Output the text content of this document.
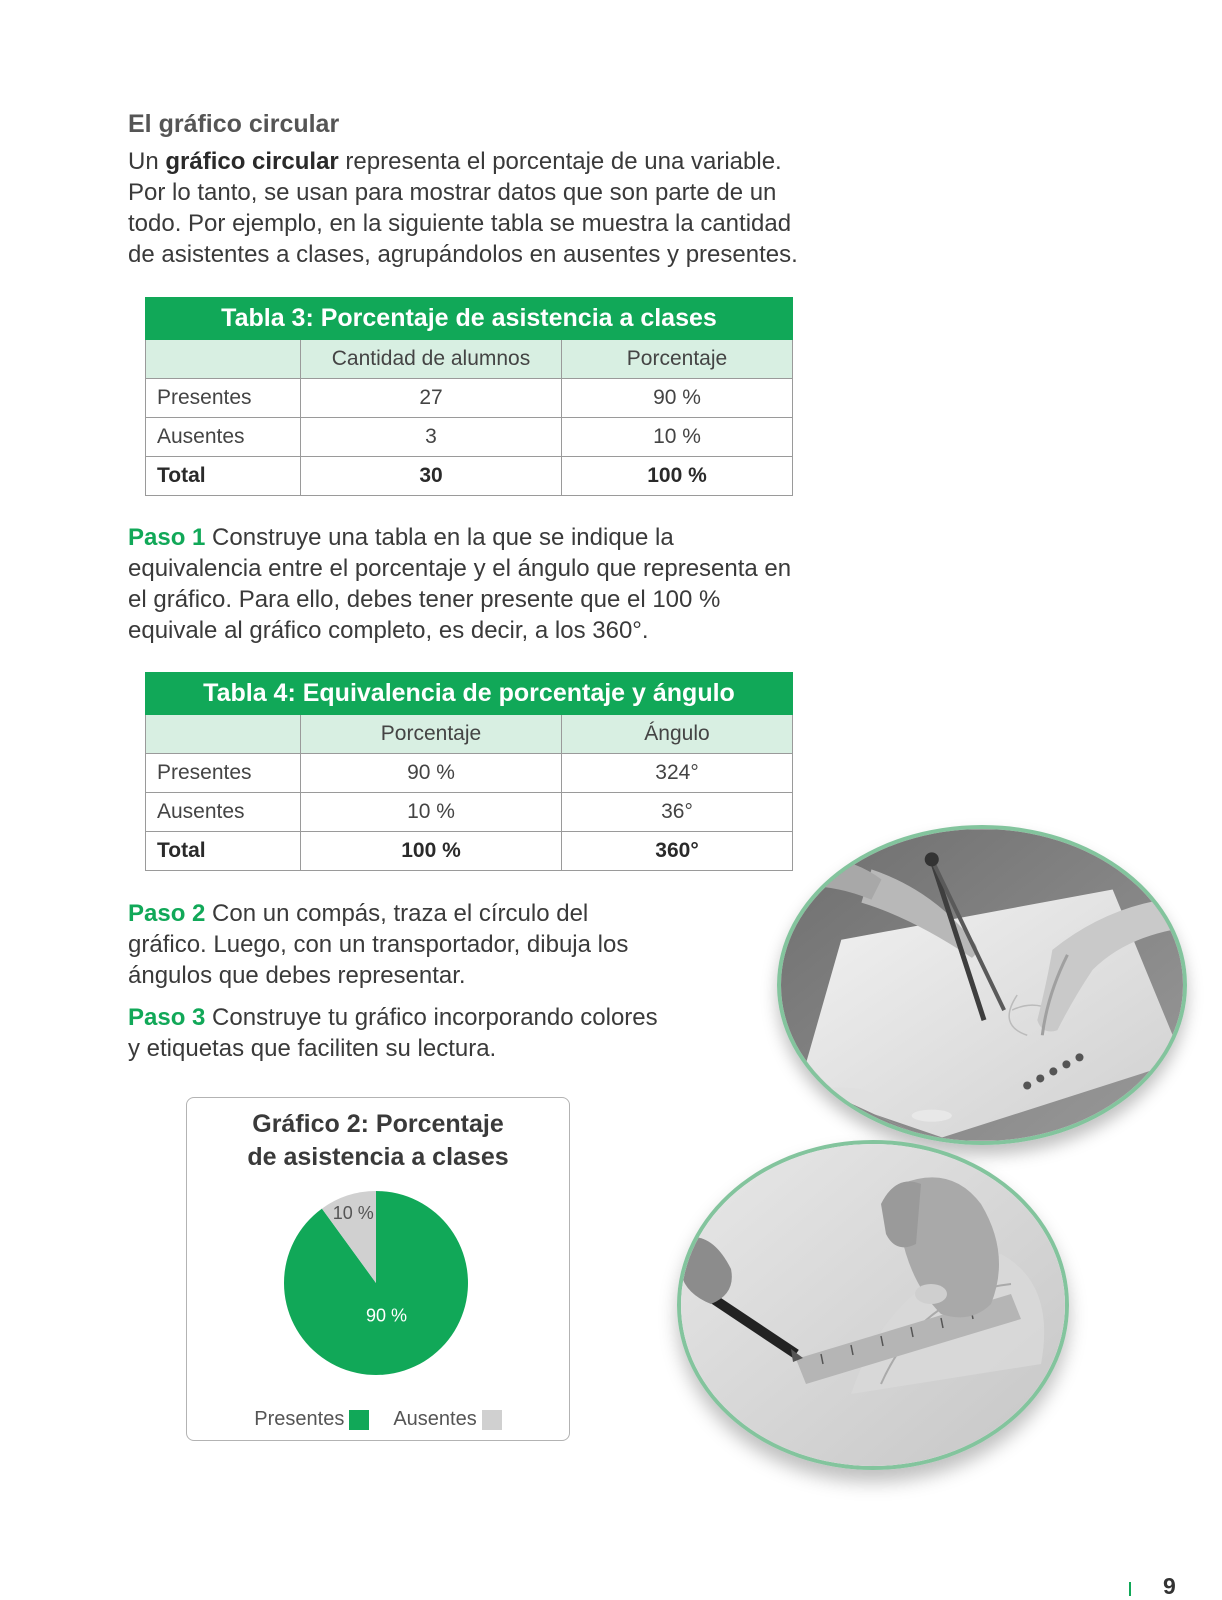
El gráfico circular

Un gráfico circular representa el porcentaje de una variable. Por lo tanto, se usan para mostrar datos que son parte de un todo. Por ejemplo, en la siguiente tabla se muestra la cantidad de asistentes a clases, agrupándolos en ausentes y presentes.

Tabla 3: Porcentaje de asistencia a clases		
	Cantidad de alumnos	Porcentaje
Presentes	27	90 %
Ausentes	3	10 %
Total	30	100 %

Paso 1 Construye una tabla en la que se indique la equivalencia entre el porcentaje y el ángulo que representa en el gráfico. Para ello, debes tener presente que el 100 % equivale al gráfico completo, es decir, a los 360°.

Tabla 4: Equivalencia de porcentaje y ángulo		
	Porcentaje	Ángulo
Presentes	90 %	324°
Ausentes	10 %	36°
Total	100 %	360°

Paso 2 Con un compás, traza el círculo del gráfico. Luego, con un transportador, dibuja los ángulos que debes representar.

Paso 3 Construye tu gráfico incorporando colores y etiquetas que faciliten su lectura.

Gráfico 2: Porcentaje
de asistencia a clases
90 %
10 %
Presentes Ausentes
9
